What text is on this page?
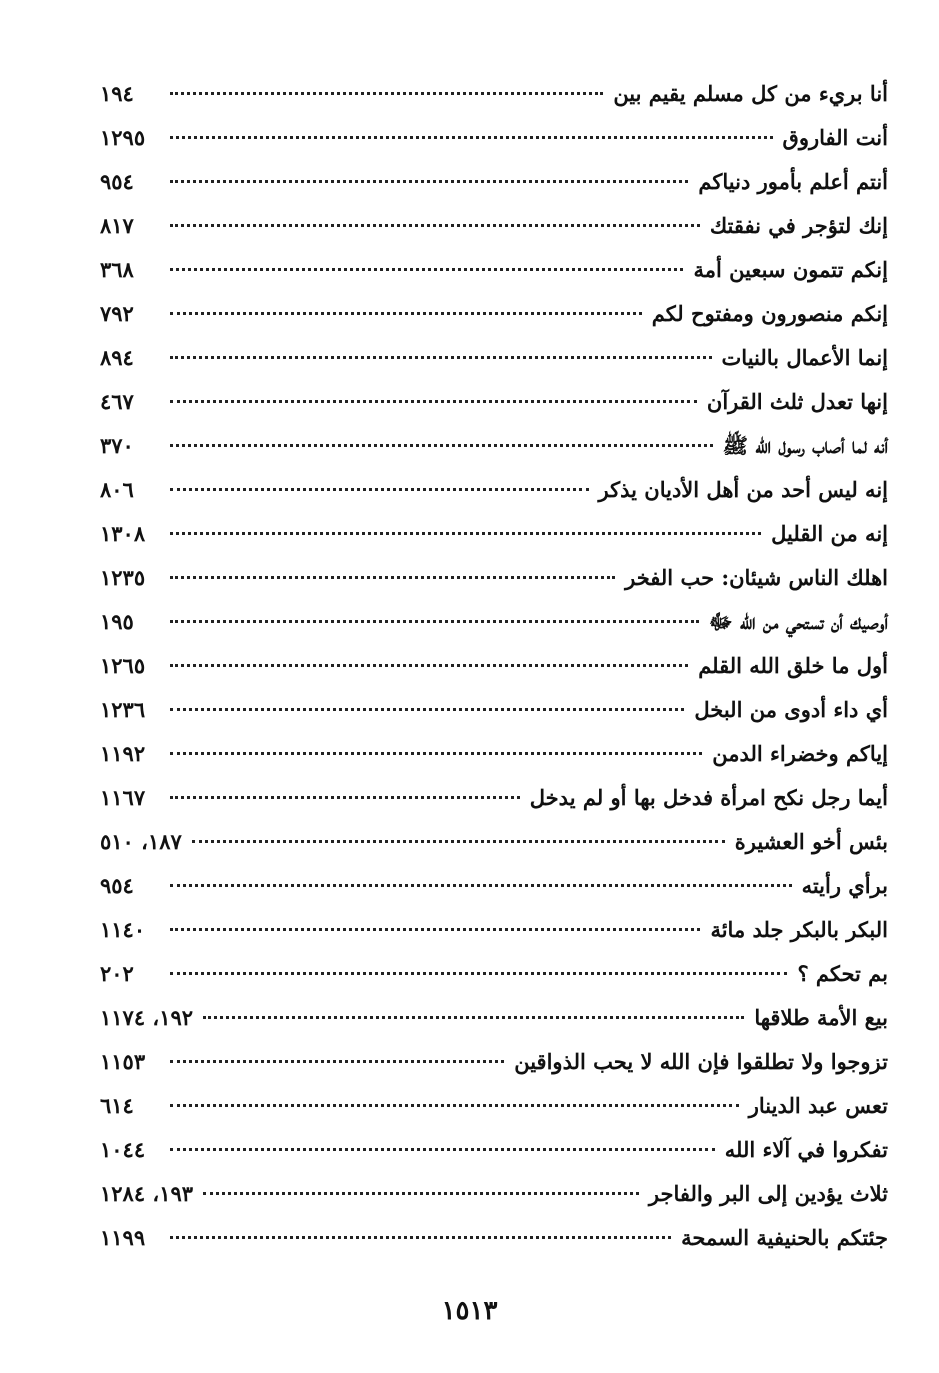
أنا بريء من كل مسلم يقيم بين
١٩٤
أنت الفاروق
١٢٩٥
أنتم أعلم بأمور دنياكم
٩٥٤
إنك لتؤجر في نفقتك
٨١٧
إنكم تتمون سبعين أمة
٣٦٨
إنكم منصورون ومفتوح لكم
٧٩٢
إنما الأعمال بالنيات
٨٩٤
إنها تعدل ثلث القرآن
٤٦٧
أنه لما أصاب رسول الله ﷺ
٣٧٠
إنه ليس أحد من أهل الأديان يذكر
٨٠٦
إنه من القليل
١٣٠٨
اهلك الناس شيئان: حب الفخر
١٢٣٥
أوصيك أن تستحي من الله ﷻ
١٩٥
أول ما خلق الله القلم
١٢٦٥
أي داء أدوى من البخل
١٢٣٦
إياكم وخضراء الدمن
١١٩٢
أيما رجل نكح امرأة فدخل بها أو لم يدخل
١١٦٧
بئس أخو العشيرة
١٨٧، ٥١٠
برأي رأيته
٩٥٤
البكر بالبكر جلد مائة
١١٤٠
بم تحكم ؟
٢٠٢
بيع الأمة طلاقها
١٩٢، ١١٧٤
تزوجوا ولا تطلقوا فإن الله لا يحب الذواقين
١١٥٣
تعس عبد الدينار
٦١٤
تفكروا في آلاء الله
١٠٤٤
ثلاث يؤدين إلى البر والفاجر
١٩٣، ١٢٨٤
جئتكم بالحنيفية السمحة
١١٩٩
١٥١٣
